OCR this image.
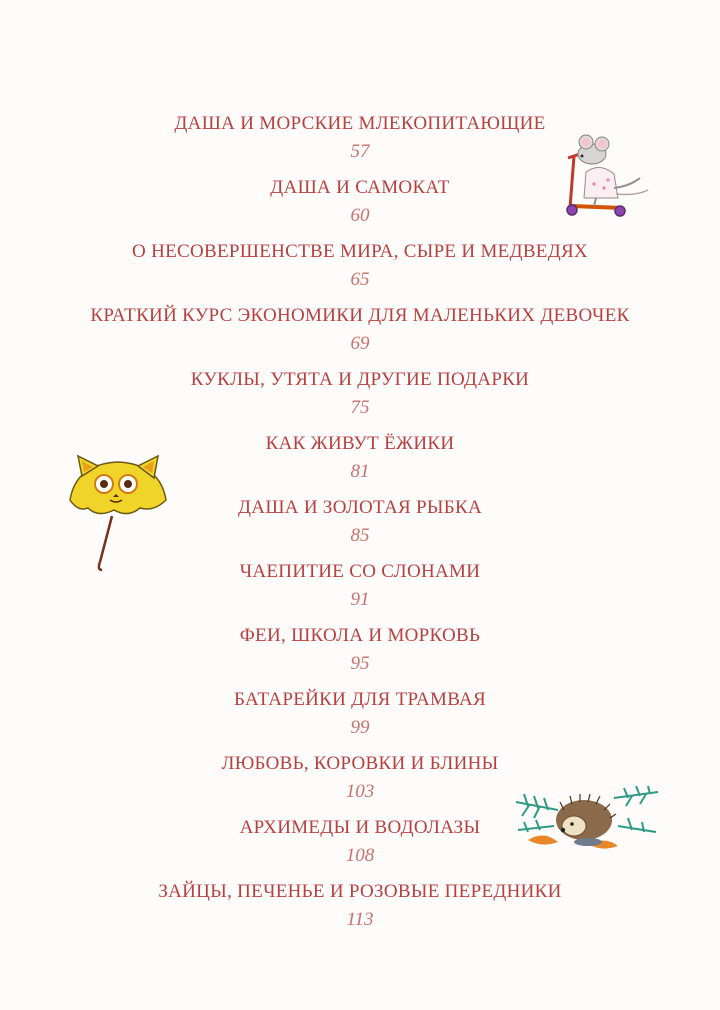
ДАША И МОРСКИЕ МЛЕКОПИТАЮЩИЕ
57
ДАША И САМОКАТ
60
О НЕСОВЕРШЕНСТВЕ МИРА, СЫРЕ И МЕДВЕДЯХ
65
КРАТКИЙ КУРС ЭКОНОМИКИ ДЛЯ МАЛЕНЬКИХ ДЕВОЧЕК
69
КУКЛЫ, УТЯТА И ДРУГИЕ ПОДАРКИ
75
КАК ЖИВУТ ЁЖИКИ
81
ДАША И ЗОЛОТАЯ РЫБКА
85
ЧАЕПИТИЕ СО СЛОНАМИ
91
ФЕИ, ШКОЛА И МОРКОВЬ
95
БАТАРЕЙКИ ДЛЯ ТРАМВАЯ
99
ЛЮБОВЬ, КОРОВКИ И БЛИНЫ
103
АРХИМЕДЫ И ВОДОЛАЗЫ
108
ЗАЙЦЫ, ПЕЧЕНЬЕ И РОЗОВЫЕ ПЕРЕДНИКИ
113
